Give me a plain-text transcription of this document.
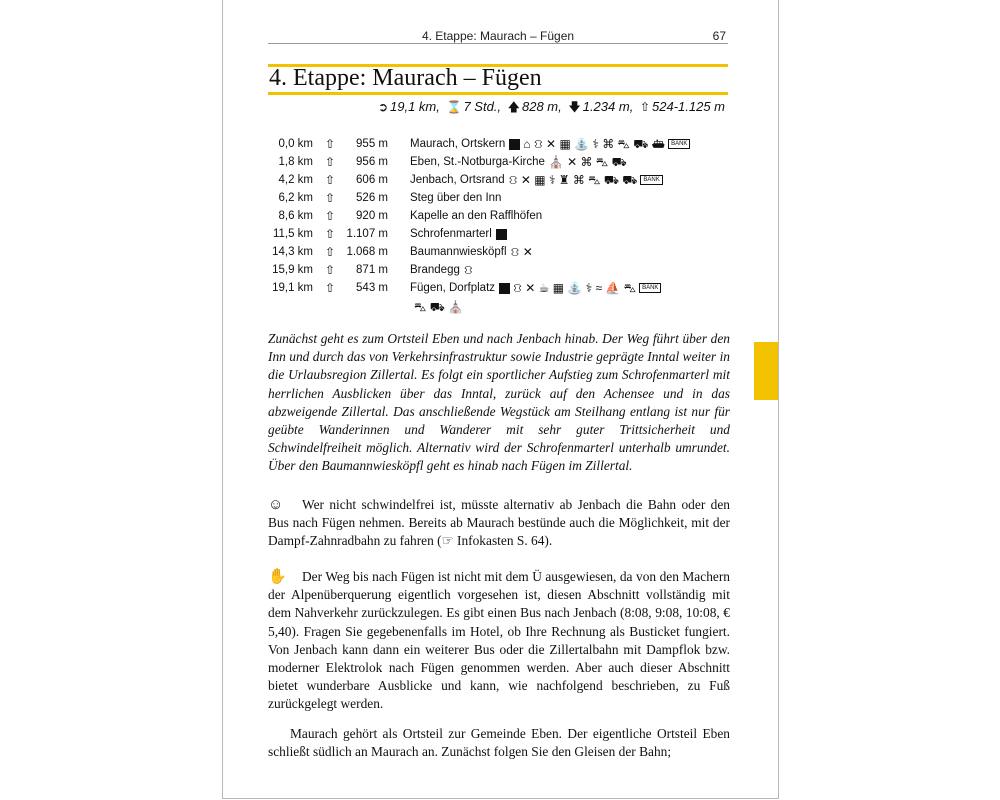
4. Etappe: Maurach – Fügen	67
4. Etappe: Maurach – Fügen
➲ 19,1 km, ⌛ 7 Std., 🡅 828 m, 🡇 1.234 m, ⇧ 524-1.125 m
0,0 km ⇧	955 m Maurach, Ortskern ⌂ ⛻ ✕ ▦ ⛲ ⚕ ⌘ ⛍ ⛟ ⛴	BANK
1,8 km ⇧	956 m Eben, St.-Notburga-Kirche ⛪ ✕ ⌘ ⛍ ⛟
4,2 km ⇧	606 m Jenbach, Ortsrand ⛻ ✕ ▦ ⚕ ♜ ⌘ ⛍ ⛟ ⛟	BANK
6,2 km ⇧	526 m Steg über den Inn
8,6 km ⇧	920 m Kapelle an den Rafflhöfen
11,5 km ⇧ 1.107 m Schrofenmarterl
14,3 km ⇧ 1.068 m Baumannwiesköpfl ⛻ ✕
15,9 km ⇧	871 m Brandegg ⛻
19,1 km ⇧	543 m Fügen, Dorfplatz ⛻ ✕ ☕ ▦ ⛲ ⚕ ≈ ⛵ ⛍	BANK
⛍ ⛟ ⛪

Zunächst geht es zum Ortsteil Eben und nach Jenbach hinab. Der Weg führt über den Inn und durch das von Verkehrsinfrastruktur sowie Industrie geprägte Inntal weiter in die Urlaubsregion Zillertal. Es folgt ein sportlicher Aufstieg zum Schrofenmarterl mit herrlichen Ausblicken über das Inntal, zurück auf den Achensee und in das abzweigende Zillertal. Das anschließende Wegstück am Steilhang entlang ist nur für geübte Wanderinnen und Wanderer mit sehr guter Trittsicherheit und Schwindelfreiheit möglich. Alternativ wird der Schrofenmarterl unterhalb umrundet. Über den Baumannwiesköpfl geht es hinab nach Fügen im Zillertal.

☺ Wer nicht schwindelfrei ist, müsste alternativ ab Jenbach die Bahn oder den Bus nach Fügen nehmen. Bereits ab Maurach bestünde auch die Möglichkeit, mit der Dampf-Zahnradbahn zu fahren (☞ Infokasten S. 64).

✋ Der Weg bis nach Fügen ist nicht mit dem Ü ausgewiesen, da von den Machern der Alpenüberquerung eigentlich vorgesehen ist, diesen Abschnitt vollständig mit dem Nahverkehr zurückzulegen. Es gibt einen Bus nach Jenbach (8:08, 9:08, 10:08, € 5,40). Fragen Sie gegebenenfalls im Hotel, ob Ihre Rechnung als Busticket fungiert. Von Jenbach kann dann ein weiterer Bus oder die Zillertalbahn mit Dampflok bzw. moderner Elektrolok nach Fügen genommen werden. Aber auch dieser Abschnitt bietet wunderbare Ausblicke und kann, wie nachfolgend beschrieben, zu Fuß zurückgelegt werden.

Maurach gehört als Ortsteil zur Gemeinde Eben. Der eigentliche Ortsteil Eben schließt südlich an Maurach an. Zunächst folgen Sie den Gleisen der Bahn;
